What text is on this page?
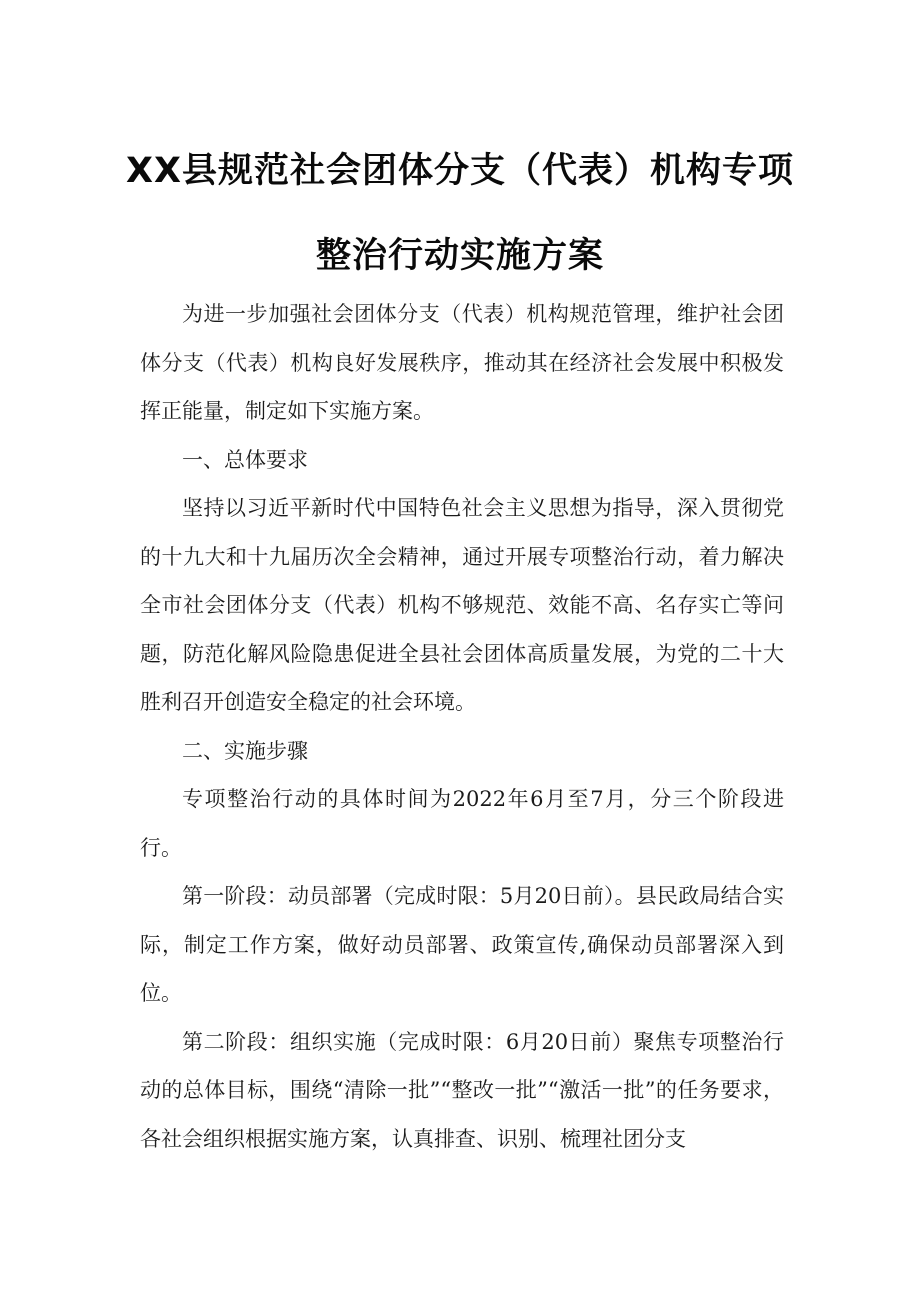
XX县规范社会团体分支（代表）机构专项
整治行动实施方案

为进一步加强社会团体分支（代表）机构规范管理，维护社会团体分支（代表）机构良好发展秩序，推动其在经济社会发展中积极发挥正能量，制定如下实施方案。

一、总体要求

坚持以习近平新时代中国特色社会主义思想为指导，深入贯彻党的十九大和十九届历次全会精神，通过开展专项整治行动，着力解决全市社会团体分支（代表）机构不够规范、效能不高、名存实亡等问题，防范化解风险隐患促进全县社会团体高质量发展，为党的二十大胜利召开创造安全稳定的社会环境。

二、实施步骤

专项整治行动的具体时间为2022年6月至7月，分三个阶段进行。

第一阶段：动员部署（完成时限：5月20日前）。县民政局结合实际，制定工作方案，做好动员部署、政策宣传,确保动员部署深入到位。

第二阶段：组织实施（完成时限：6月20日前）聚焦专项整治行动的总体目标，围绕“清除一批”“整改一批”“激活一批”的任务要求，各社会组织根据实施方案，认真排查、识别、梳理社团分支
